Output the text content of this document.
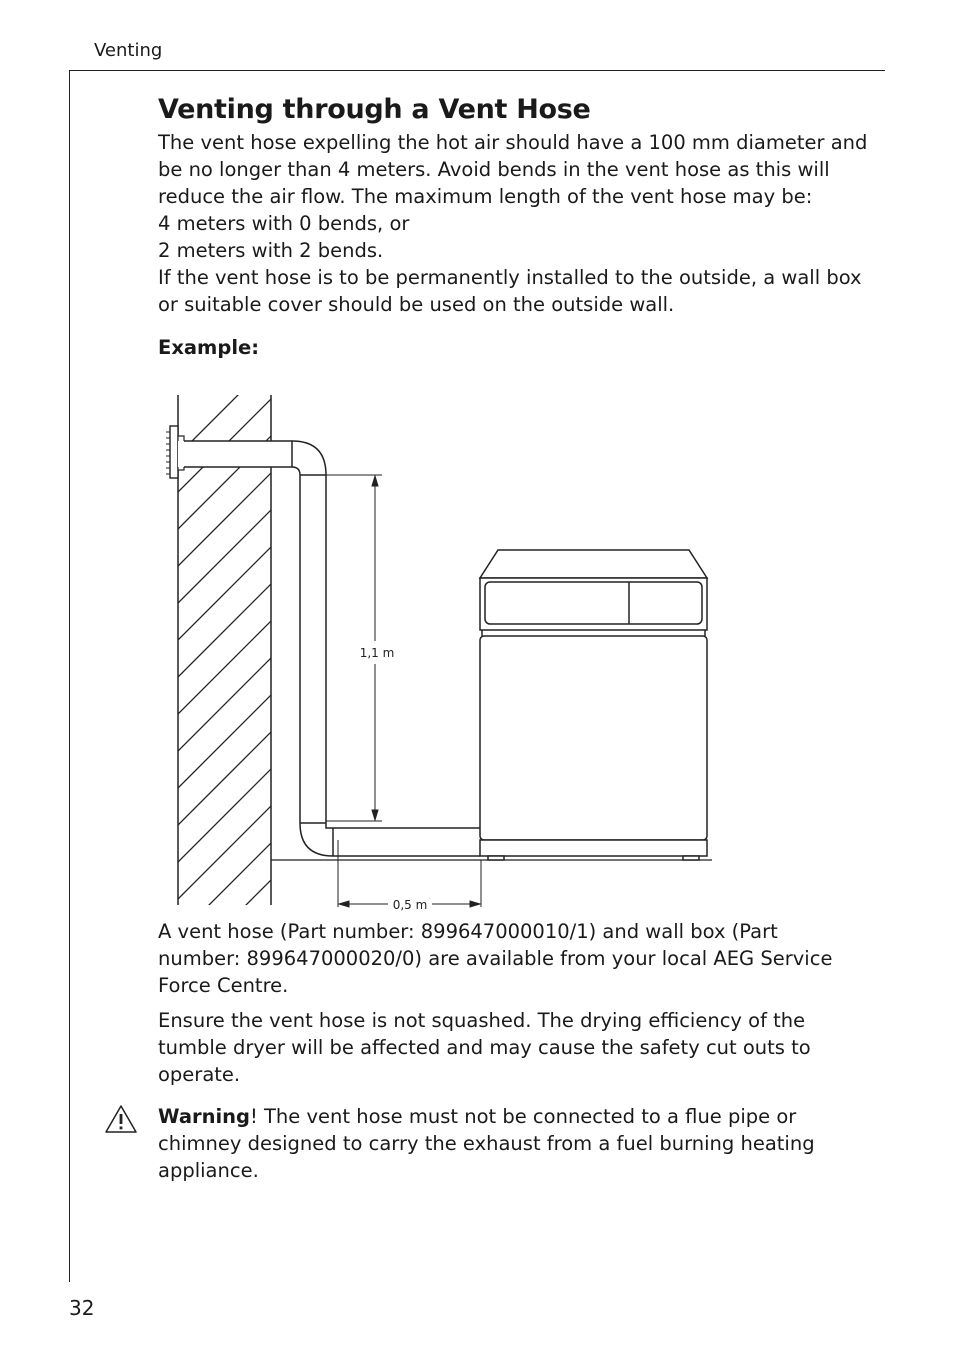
Venting
32
Venting through a Vent Hose

The vent hose expelling the hot air should have a 100 mm diameter and

be no longer than 4 meters. Avoid bends in the vent hose as this will

reduce the air flow. The maximum length of the vent hose may be:

4 meters with 0 bends, or

2 meters with 2 bends.

If the vent hose is to be permanently installed to the outside, a wall box

or suitable cover should be used on the outside wall.

Example:

1,1 m
0,5 m

A vent hose (Part number: 899647000010/1) and wall box (Part

number: 899647000020/0) are available from your local AEG Service

Force Centre.

Ensure the vent hose is not squashed. The drying efficiency of the

tumble dryer will be affected and may cause the safety cut outs to

operate.

Warning! The vent hose must not be connected to a flue pipe or

chimney designed to carry the exhaust from a fuel burning heating

appliance.
